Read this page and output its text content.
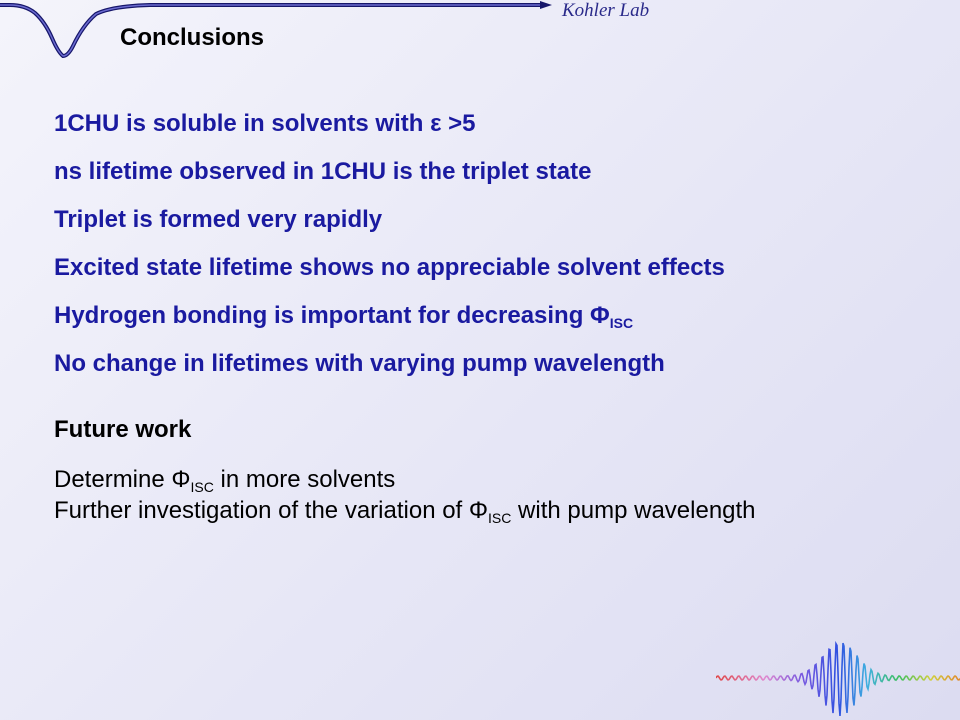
Kohler Lab
Conclusions
1CHU is soluble in solvents with ε >5
ns lifetime observed in 1CHU is the triplet state
Triplet is formed very rapidly
Excited state lifetime shows no appreciable solvent effects
Hydrogen bonding is important for decreasing $\Phi_{ISC}$
No change in lifetimes with varying pump wavelength
Future work
Determine $\Phi_{ISC}$ in more solvents
Further investigation of the variation of $\Phi_{ISC}$ with pump wavelength
